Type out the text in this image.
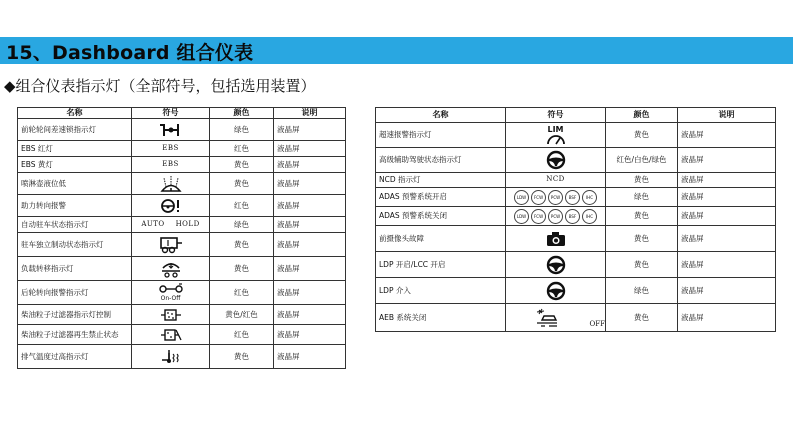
15、Dashboard 组合仪表
◆组合仪表指示灯（全部符号，包括选用装置）
名称	符号	颜色	说明
前轮轮间差速锁指示灯		绿色	液晶屏
EBS 红灯	EBS	红色	液晶屏
EBS 黄灯	EBS	黄色	液晶屏
喷淋壶液位低		黄色	液晶屏
助力转向报警		红色	液晶屏
自动驻车状态指示灯	AUTO    HOLD	绿色	液晶屏
驻车独立制动状态指示灯		黄色	液晶屏
负载转移指示灯		黄色	液晶屏
后轮转向报警指示灯	On-Off	红色	液晶屏
柴油粒子过滤器指示灯控制		黄色/红色	液晶屏
柴油粒子过滤器再生禁止状态		红色	液晶屏
排气温度过高指示灯		黄色	液晶屏
名称	符号	颜色	说明
超速报警指示灯	LIM	黄色	液晶屏
高级辅助驾驶状态指示灯		红色/白色/绿色	液晶屏
NCD 指示灯	NCD	黄色	液晶屏
ADAS 预警系统开启	LDW FCW PCW BSF IHC	绿色	液晶屏
ADAS 预警系统关闭	LDW FCW PCW BSF IHC	黄色	液晶屏
前摄像头故障		黄色	液晶屏
LDP 开启/LCC 开启		黄色	液晶屏
LDP 介入		绿色	液晶屏
AEB 系统关闭	OFF	黄色	液晶屏
